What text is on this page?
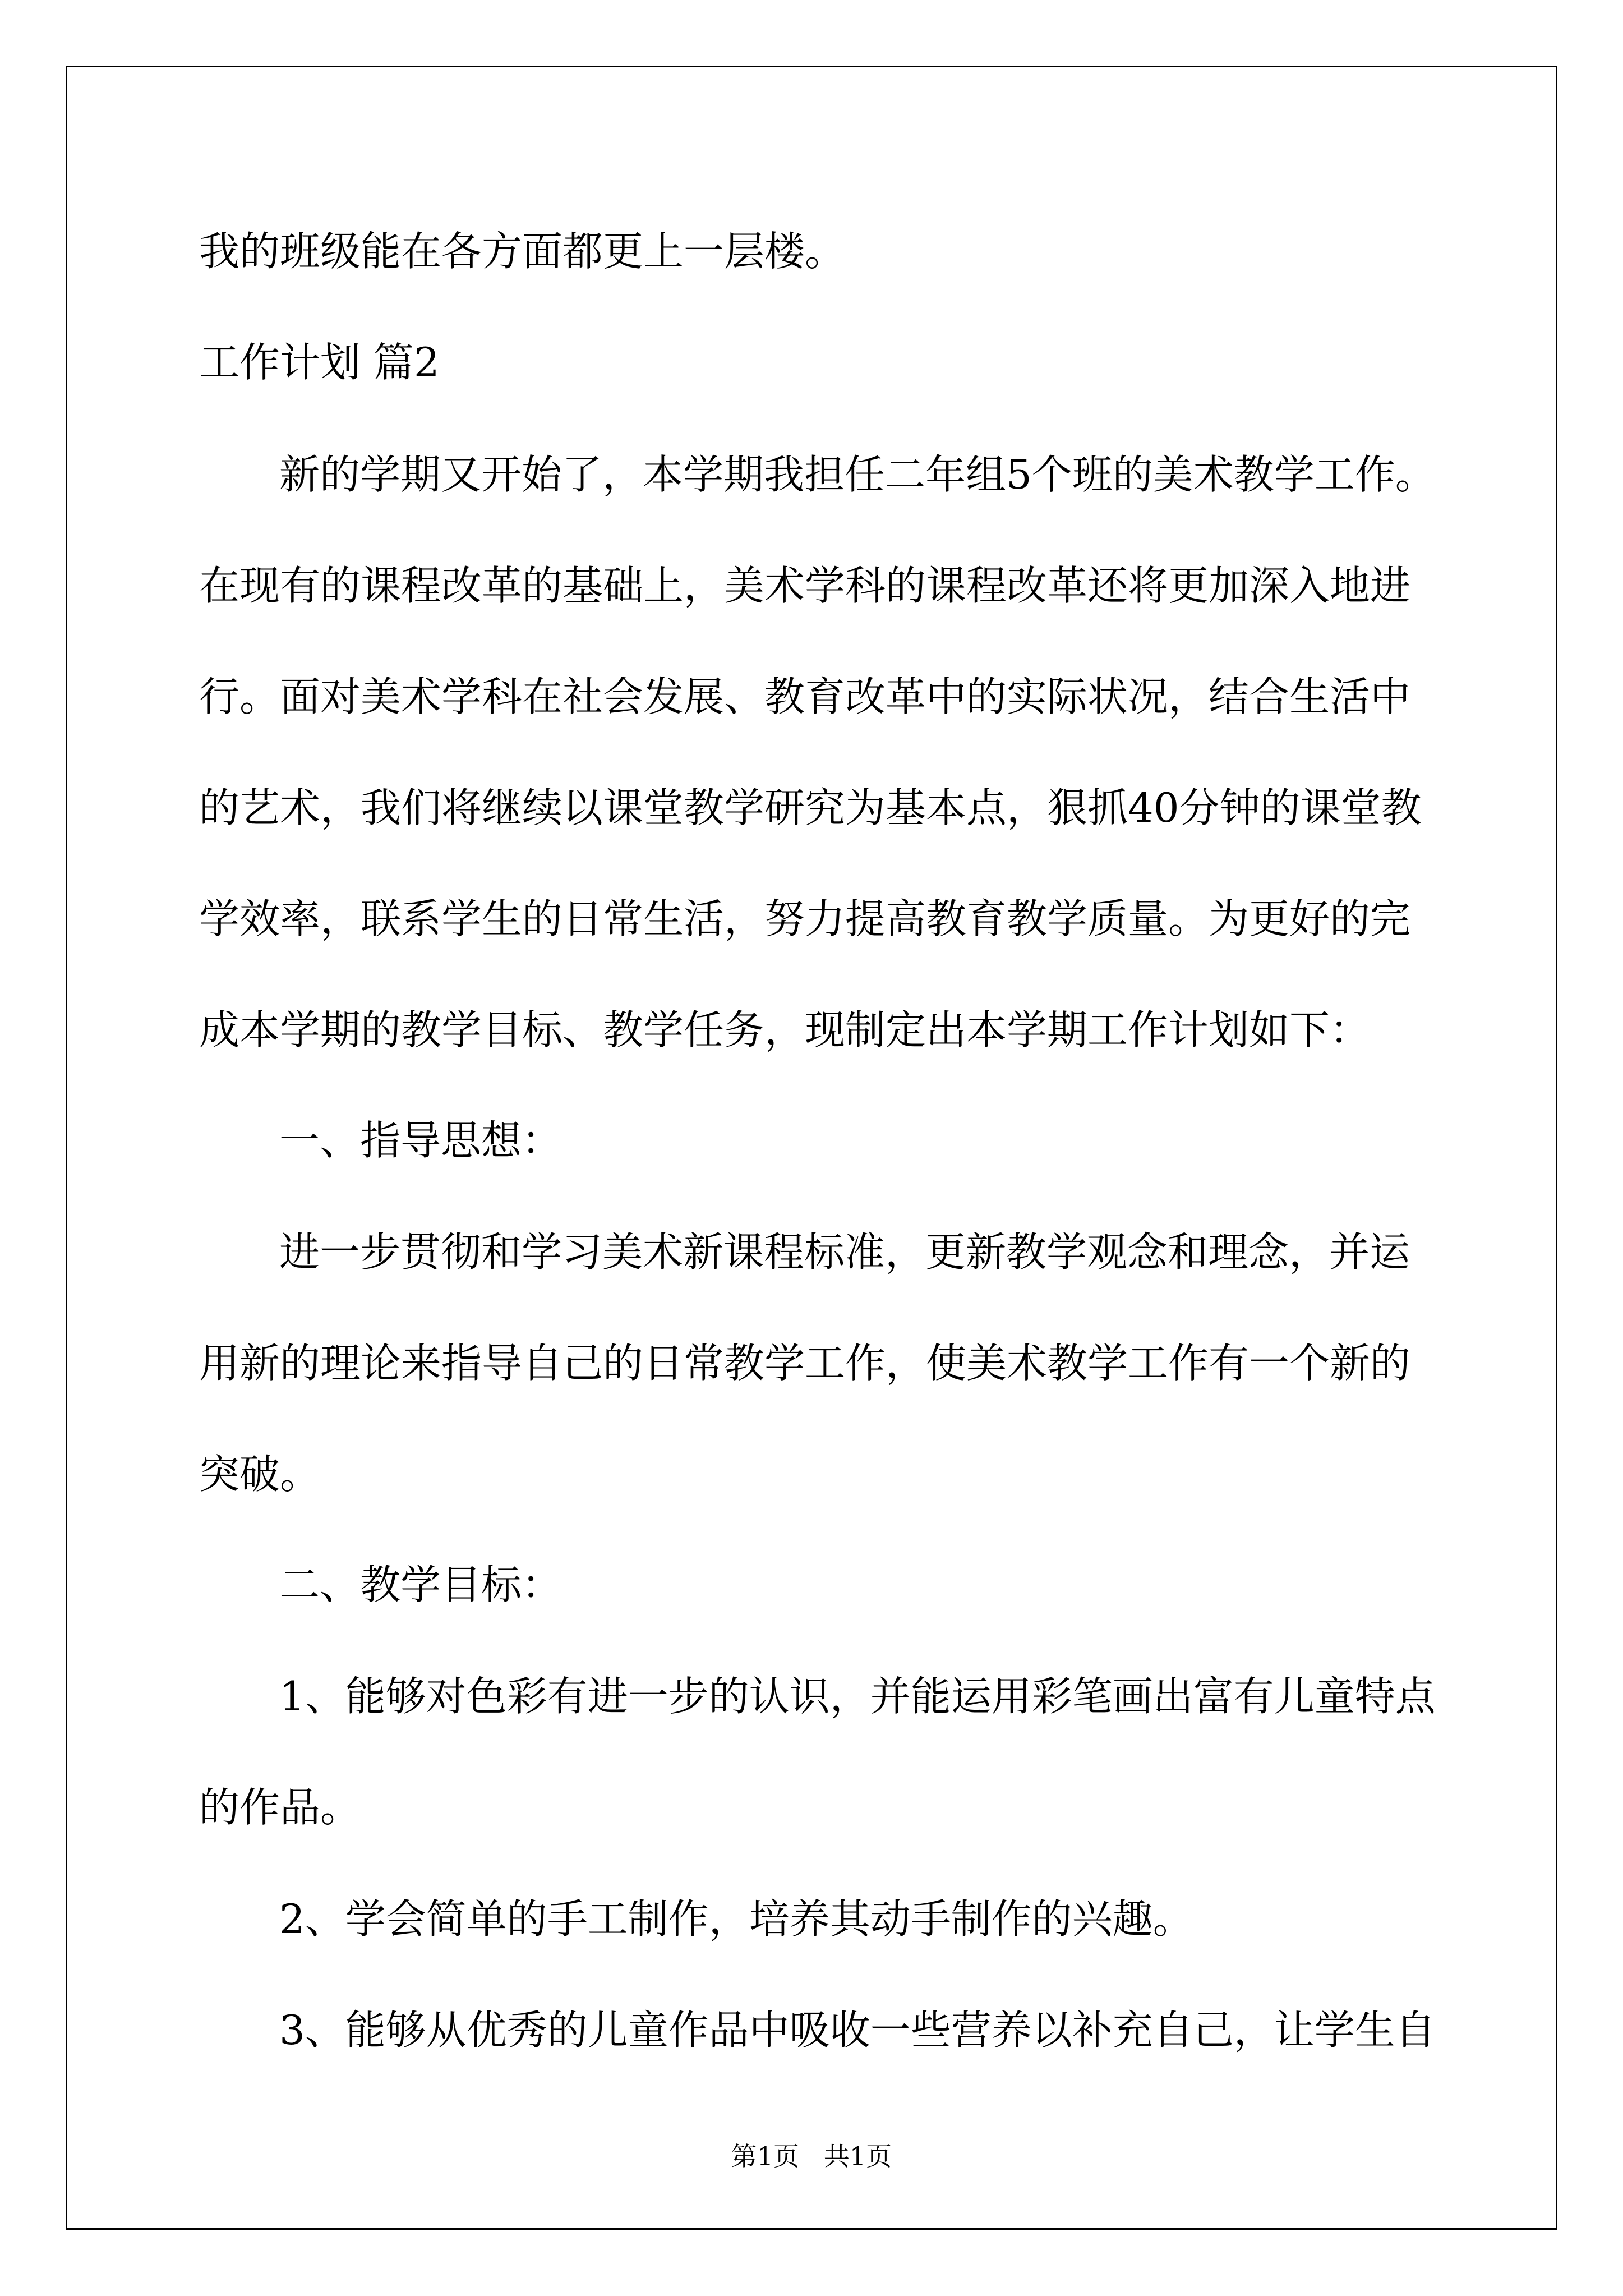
我的班级能在各方面都更上一层楼。
工作计划 篇2
新的学期又开始了，本学期我担任二年组5个班的美术教学工作。
在现有的课程改革的基础上，美术学科的课程改革还将更加深入地进
行。面对美术学科在社会发展、教育改革中的实际状况，结合生活中
的艺术，我们将继续以课堂教学研究为基本点，狠抓40分钟的课堂教
学效率，联系学生的日常生活，努力提高教育教学质量。为更好的完
成本学期的教学目标、教学任务，现制定出本学期工作计划如下：
一、指导思想：
进一步贯彻和学习美术新课程标准，更新教学观念和理念，并运
用新的理论来指导自己的日常教学工作，使美术教学工作有一个新的
突破。
二、教学目标：
1、能够对色彩有进一步的认识，并能运用彩笔画出富有儿童特点
的作品。
2、学会简单的手工制作，培养其动手制作的兴趣。
3、能够从优秀的儿童作品中吸收一些营养以补充自己，让学生自
第1页   共1页
